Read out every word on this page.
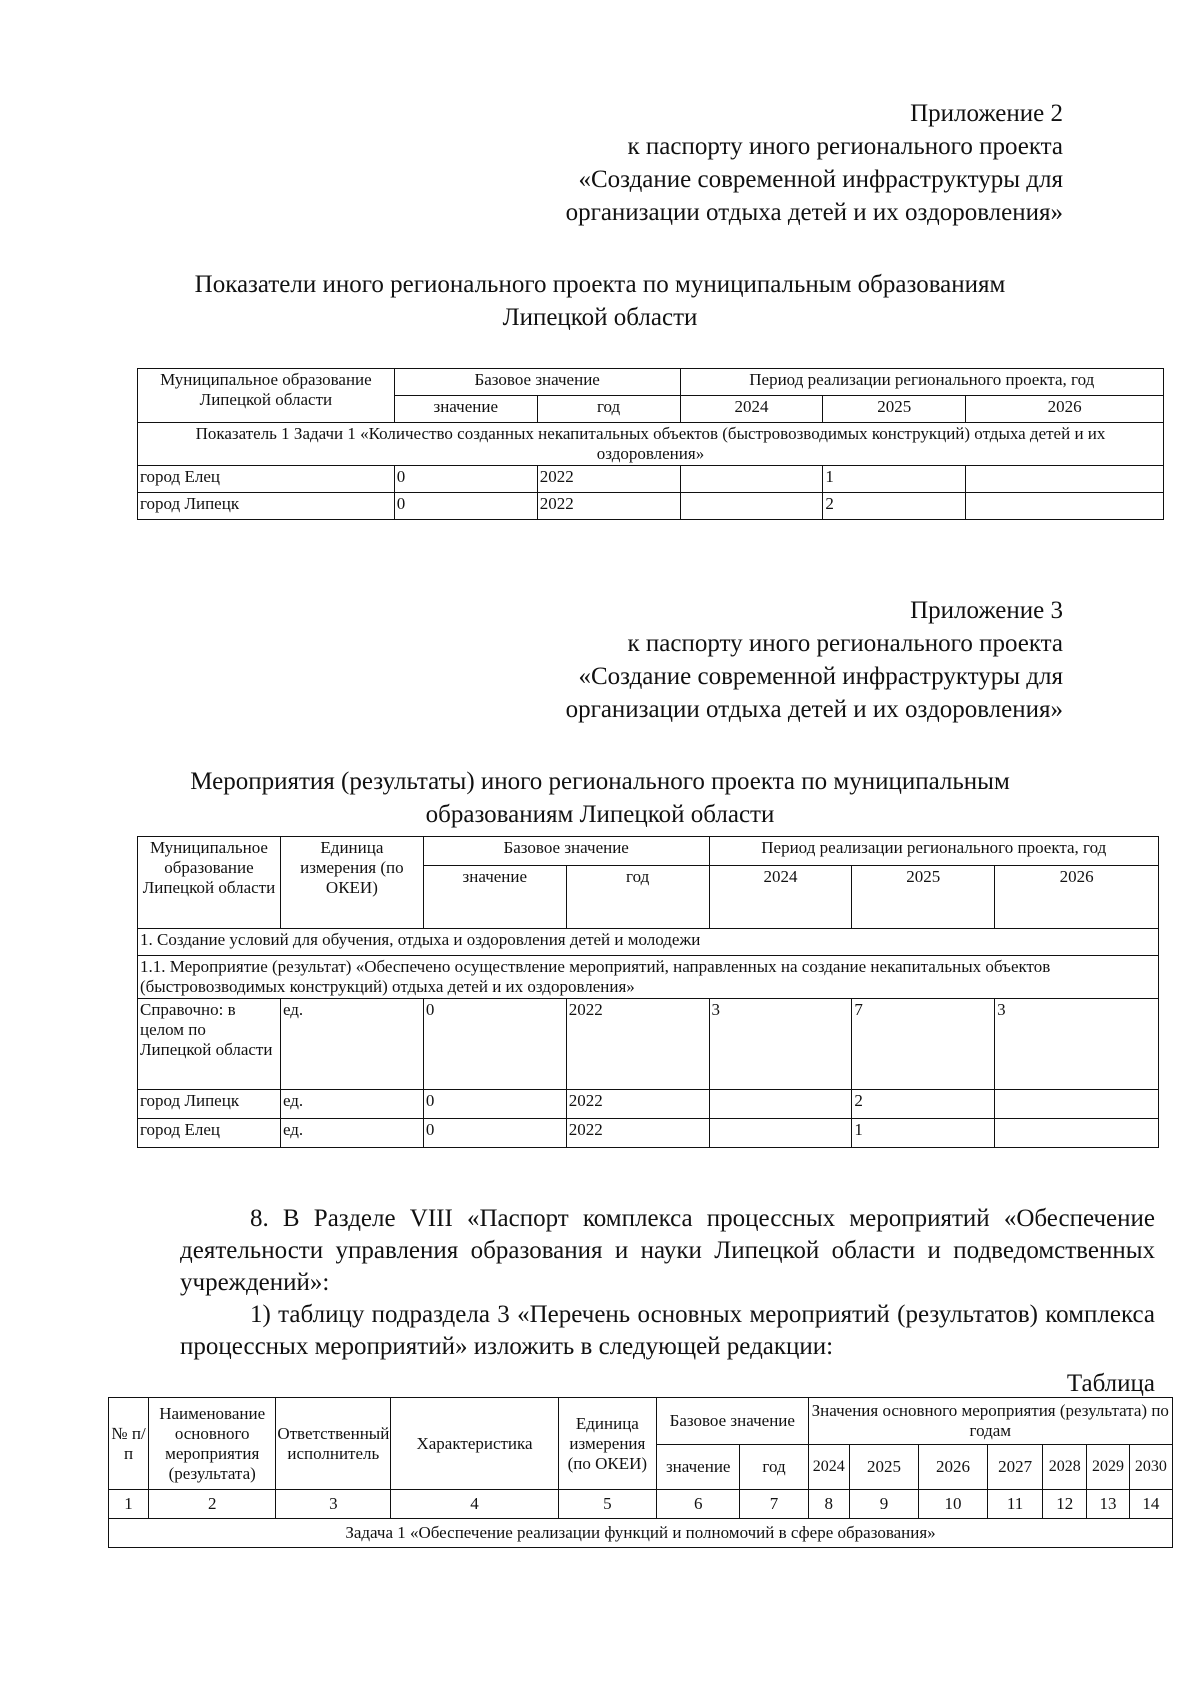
Приложение 2
к паспорту иного регионального проекта
«Создание современной инфраструктуры для
организации отдыха детей и их оздоровления»
Показатели иного регионального проекта по муниципальным образованиям
Липецкой области
Муниципальное образование Липецкой области	Базовое значение		Период реализации регионального проекта, год		
	значение	год	2024	2025	2026
Показатель 1 Задачи 1 «Количество созданных некапитальных объектов (быстровозводимых конструкций) отдыха детей и их оздоровления»					
город Елец	0	2022		1	
город Липецк	0	2022		2	
Приложение 3
к паспорту иного регионального проекта
«Создание современной инфраструктуры для
организации отдыха детей и их оздоровления»
Мероприятия (результаты) иного регионального проекта по муниципальным
образованиям Липецкой области
Муниципальное образование Липецкой области	Единица измерения (по ОКЕИ)	Базовое значение		Период реализации регионального проекта, год		
		значение	год	2024	2025	2026
1. Создание условий для обучения, отдыха и оздоровления детей и молодежи						
1.1. Мероприятие (результат) «Обеспечено осуществление мероприятий, направленных на создание некапитальных объектов (быстровозводимых конструкций) отдыха детей и их оздоровления»						
Справочно: в целом по Липецкой области	ед.	0	2022	3	7	3
город Липецк	ед.	0	2022		2	
город Елец	ед.	0	2022		1	

8. В Разделе VIII «Паспорт комплекса процессных мероприятий «Обеспечение деятельности управления образования и науки Липецкой области и подведомственных учреждений»:

1) таблицу подраздела 3 «Перечень основных мероприятий (результатов) комплекса процессных мероприятий» изложить в следующей редакции:

Таблица
№ п/п	Наименование основного мероприятия (результата)	Ответственный исполнитель	Характеристика	Единица измерения (по ОКЕИ)	Базовое значение		Значения основного мероприятия (результата) по годам						
					значение	год	2024	2025	2026	2027	2028	2029	2030
1	2	3	4	5	6	7	8	9	10	11	12	13	14
Задача 1 «Обеспечение реализации функций и полномочий в сфере образования»													
